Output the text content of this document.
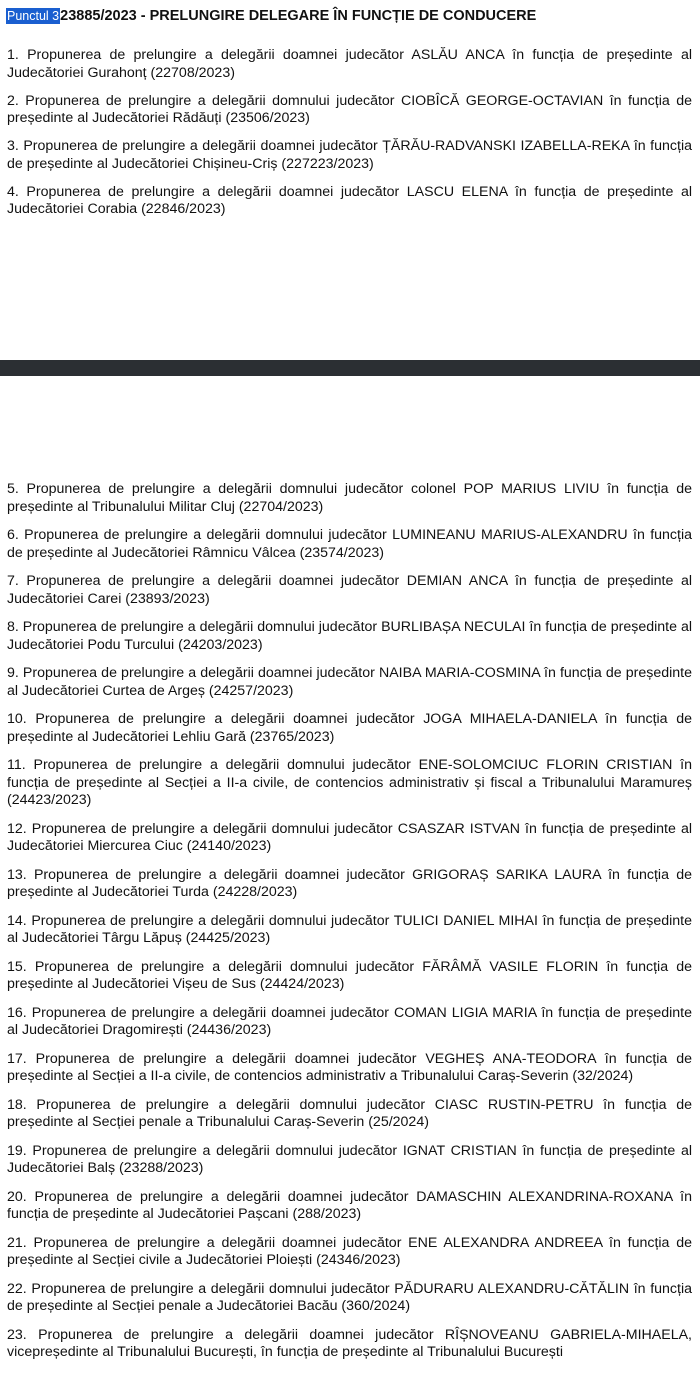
Punctul 323885/2023 - PRELUNGIRE DELEGARE ÎN FUNCȚIE DE CONDUCERE

1. Propunerea de prelungire a delegării doamnei judecător ASLĂU ANCA în funcția de președinte al Judecătoriei Gurahonț (22708/2023)

2. Propunerea de prelungire a delegării domnului judecător CIOBÎCĂ GEORGE-OCTAVIAN în funcția de președinte al Judecătoriei Rădăuți (23506/2023)

3. Propunerea de prelungire a delegării doamnei judecător ȚĂRĂU-RADVANSKI IZABELLA-REKA în funcția de președinte al Judecătoriei Chișineu-Criș (227223/2023)

4. Propunerea de prelungire a delegării doamnei judecător LASCU ELENA în funcția de președinte al Judecătoriei Corabia (22846/2023)

5. Propunerea de prelungire a delegării domnului judecător colonel POP MARIUS LIVIU în funcția de președinte al Tribunalului Militar Cluj (22704/2023)

6. Propunerea de prelungire a delegării domnului judecător LUMINEANU MARIUS-ALEXANDRU în funcția de președinte al Judecătoriei Râmnicu Vâlcea (23574/2023)

7. Propunerea de prelungire a delegării doamnei judecător DEMIAN ANCA în funcția de președinte al Judecătoriei Carei (23893/2023)

8. Propunerea de prelungire a delegării domnului judecător BURLIBAȘA NECULAI în funcția de președinte al Judecătoriei Podu Turcului (24203/2023)

9. Propunerea de prelungire a delegării doamnei judecător NAIBA MARIA-COSMINA în funcția de președinte al Judecătoriei Curtea de Argeș (24257/2023)

10. Propunerea de prelungire a delegării doamnei judecător JOGA MIHAELA-DANIELA în funcția de președinte al Judecătoriei Lehliu Gară (23765/2023)

11. Propunerea de prelungire a delegării domnului judecător ENE-SOLOMCIUC FLORIN CRISTIAN în funcția de președinte al Secției a II-a civile, de contencios administrativ și fiscal a Tribunalului Maramureș (24423/2023)

12. Propunerea de prelungire a delegării domnului judecător CSASZAR ISTVAN în funcția de președinte al Judecătoriei Miercurea Ciuc (24140/2023)

13. Propunerea de prelungire a delegării doamnei judecător GRIGORAȘ SARIKA LAURA în funcția de președinte al Judecătoriei Turda (24228/2023)

14. Propunerea de prelungire a delegării domnului judecător TULICI DANIEL MIHAI în funcția de președinte al Judecătoriei Târgu Lăpuș (24425/2023)

15. Propunerea de prelungire a delegării domnului judecător FĂRÂMĂ VASILE FLORIN în funcția de președinte al Judecătoriei Vișeu de Sus (24424/2023)

16. Propunerea de prelungire a delegării doamnei judecător COMAN LIGIA MARIA în funcția de președinte al Judecătoriei Dragomirești (24436/2023)

17. Propunerea de prelungire a delegării doamnei judecător VEGHEȘ ANA-TEODORA în funcția de președinte al Secției a II-a civile, de contencios administrativ a Tribunalului Caraș-Severin (32/2024)

18. Propunerea de prelungire a delegării domnului judecător CIASC RUSTIN-PETRU în funcția de președinte al Secției penale a Tribunalului Caraș-Severin (25/2024)

19. Propunerea de prelungire a delegării domnului judecător IGNAT CRISTIAN în funcția de președinte al Judecătoriei Balș (23288/2023)

20. Propunerea de prelungire a delegării doamnei judecător DAMASCHIN ALEXANDRINA-ROXANA în funcția de președinte al Judecătoriei Pașcani (288/2023)

21. Propunerea de prelungire a delegării doamnei judecător ENE ALEXANDRA ANDREEA în funcția de președinte al Secției civile a Judecătoriei Ploiești (24346/2023)

22. Propunerea de prelungire a delegării domnului judecător PĂDURARU ALEXANDRU-CĂTĂLIN în funcția de președinte al Secției penale a Judecătoriei Bacău (360/2024)

23. Propunerea de prelungire a delegării doamnei judecător RÎȘNOVEANU GABRIELA-MIHAELA, vicepreședinte al Tribunalului București, în funcția de președinte al Tribunalului București
